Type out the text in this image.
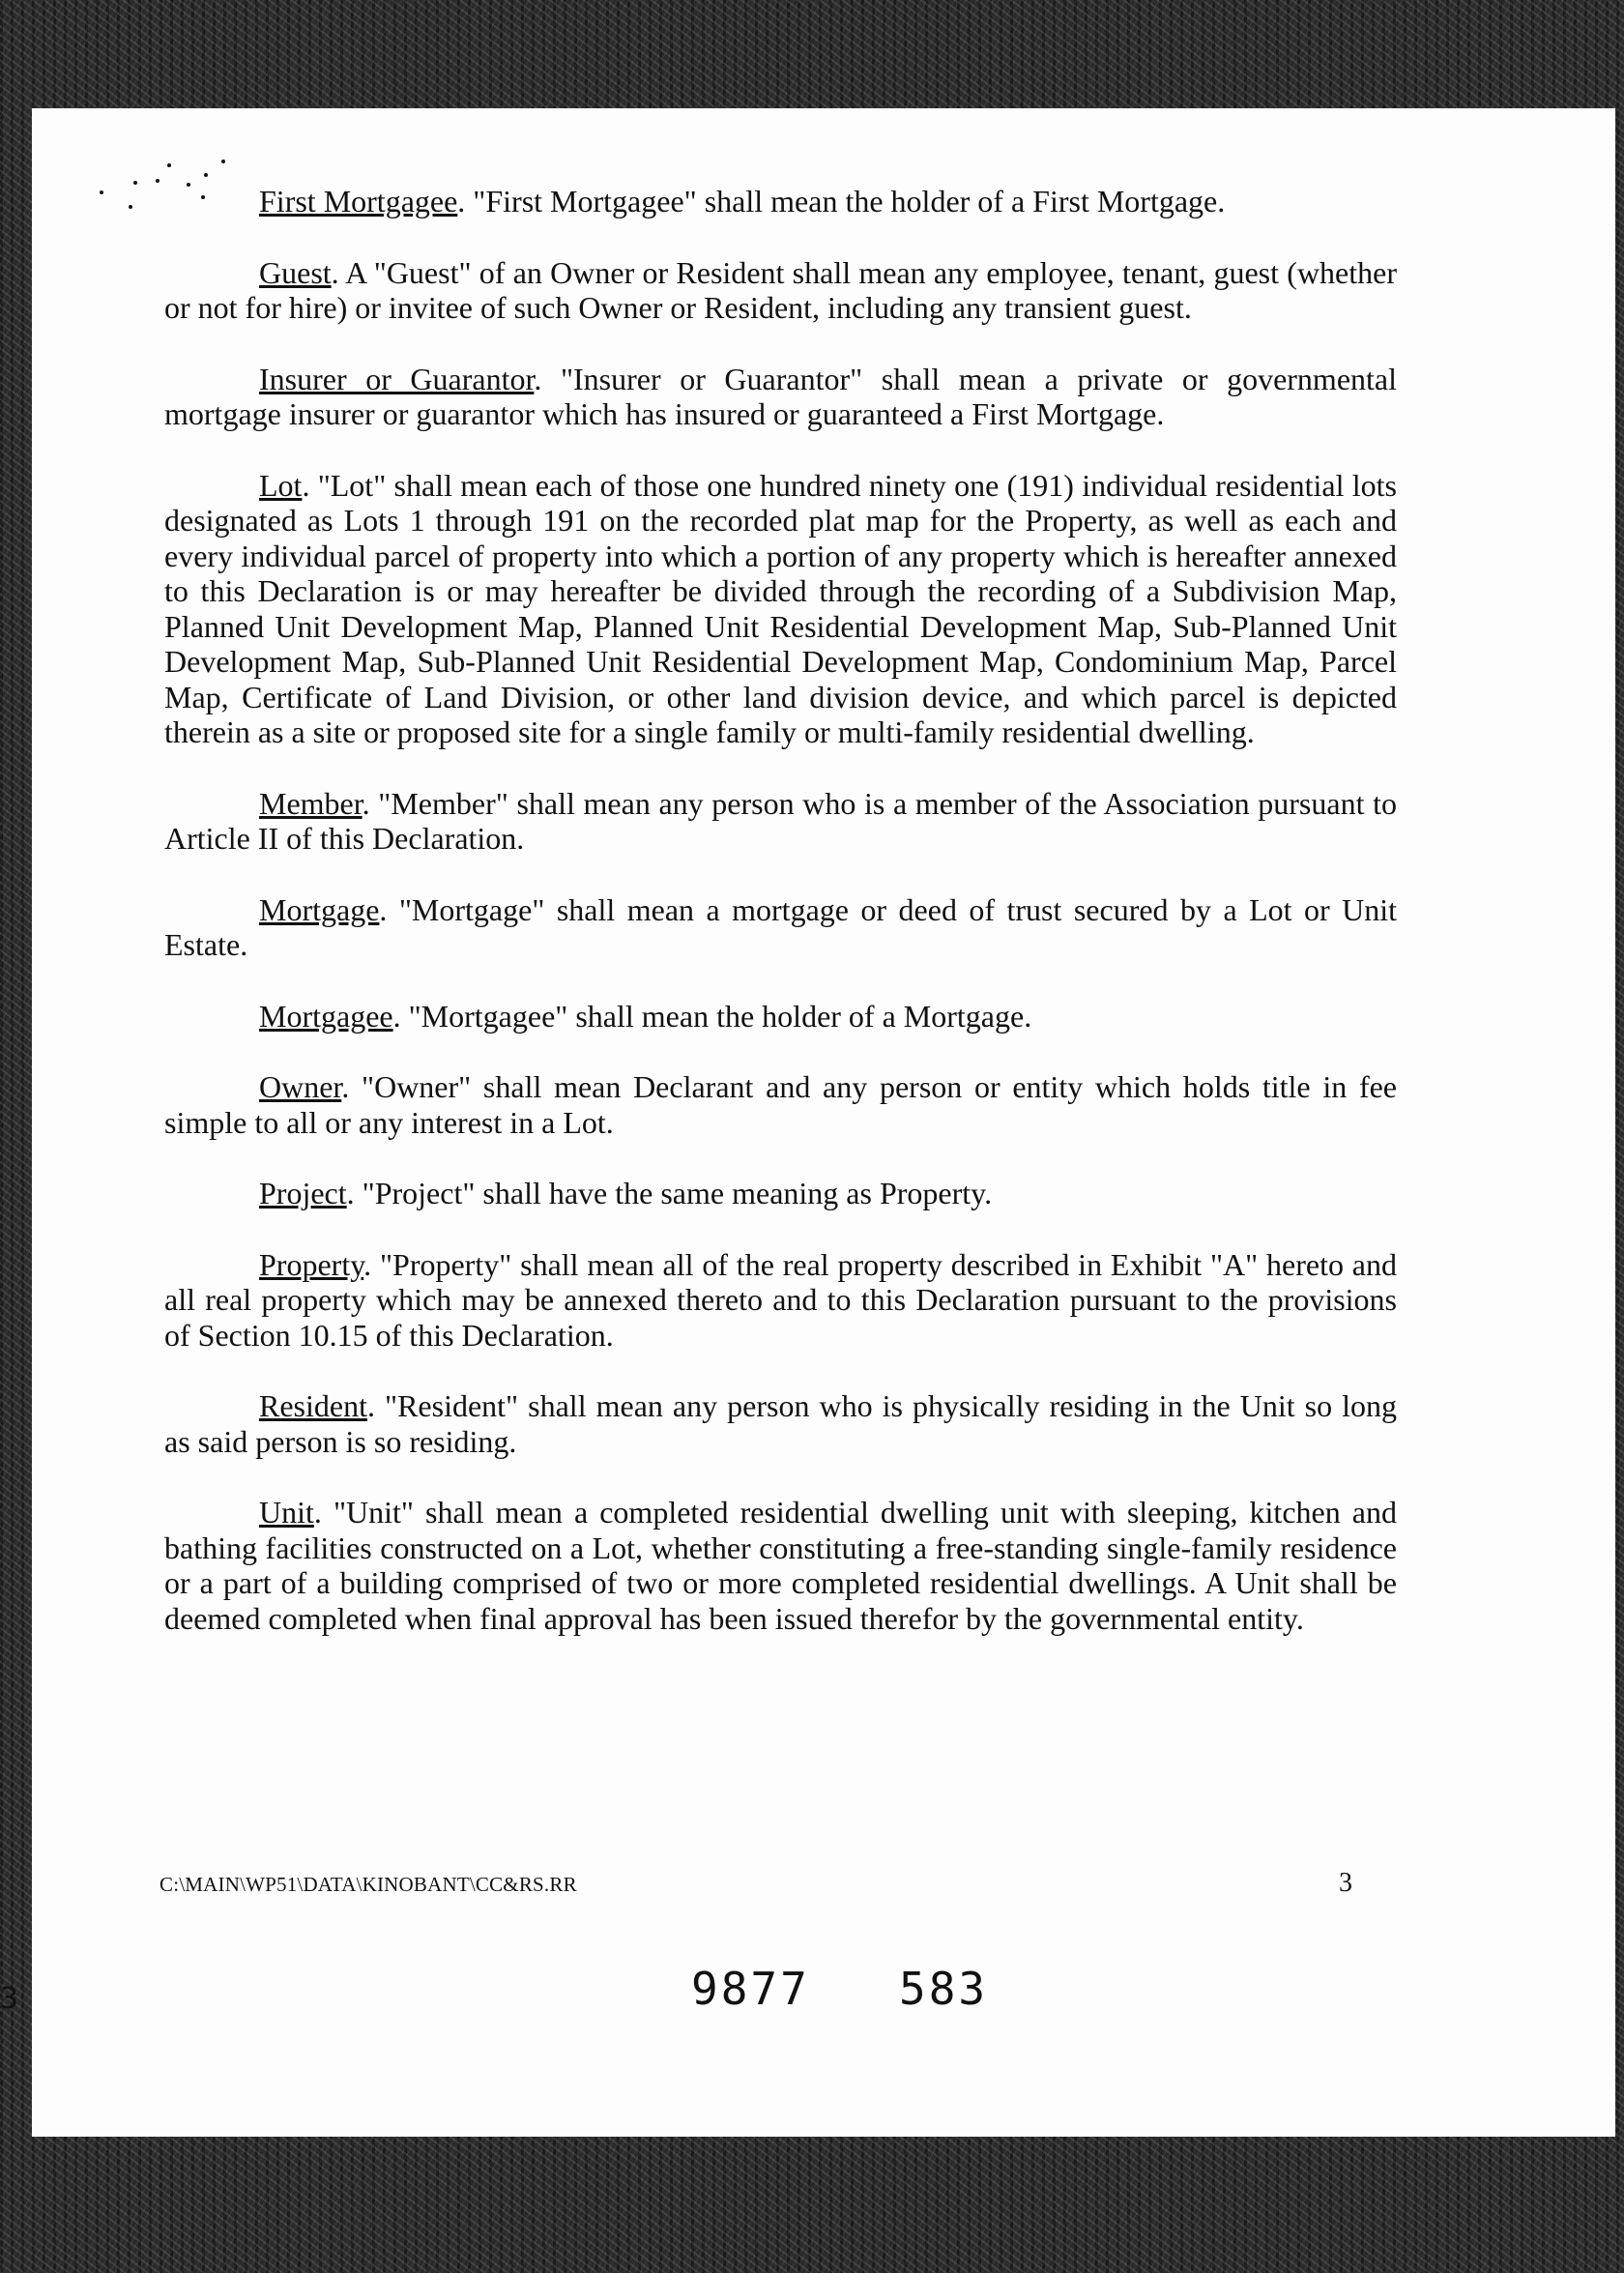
First Mortgagee. "First Mortgagee" shall mean the holder of a First Mortgage.

Guest. A "Guest" of an Owner or Resident shall mean any employee, tenant, guest (whether or not for hire) or invitee of such Owner or Resident, including any transient guest.

Insurer or Guarantor. "Insurer or Guarantor" shall mean a private or governmental mortgage insurer or guarantor which has insured or guaranteed a First Mortgage.

Lot. "Lot" shall mean each of those one hundred ninety one (191) individual residential lots designated as Lots 1 through 191 on the recorded plat map for the Property, as well as each and every individual parcel of property into which a portion of any property which is hereafter annexed to this Declaration is or may hereafter be divided through the recording of a Subdivision Map, Planned Unit Development Map, Planned Unit Residential Development Map, Sub-Planned Unit Development Map, Sub-Planned Unit Residential Development Map, Condominium Map, Parcel Map, Certificate of Land Division, or other land division device, and which parcel is depicted therein as a site or proposed site for a single family or multi-family residential dwelling.

Member. "Member" shall mean any person who is a member of the Association pursuant to Article II of this Declaration.

Mortgage. "Mortgage" shall mean a mortgage or deed of trust secured by a Lot or Unit Estate.

Mortgagee. "Mortgagee" shall mean the holder of a Mortgage.

Owner. "Owner" shall mean Declarant and any person or entity which holds title in fee simple to all or any interest in a Lot.

Project. "Project" shall have the same meaning as Property.

Property. "Property" shall mean all of the real property described in Exhibit "A" hereto and all real property which may be annexed thereto and to this Declaration pursuant to the provisions of Section 10.15 of this Declaration.

Resident. "Resident" shall mean any person who is physically residing in the Unit so long as said person is so residing.

Unit. "Unit" shall mean a completed residential dwelling unit with sleeping, kitchen and bathing facilities constructed on a Lot, whether constituting a free-standing single-family residence or a part of a building comprised of two or more completed residential dwellings. A Unit shall be deemed completed when final approval has been issued therefor by the governmental entity.

C:\MAIN\WP51\DATA\KINOBANT\CC&RS.RR	3
9877 583
3
